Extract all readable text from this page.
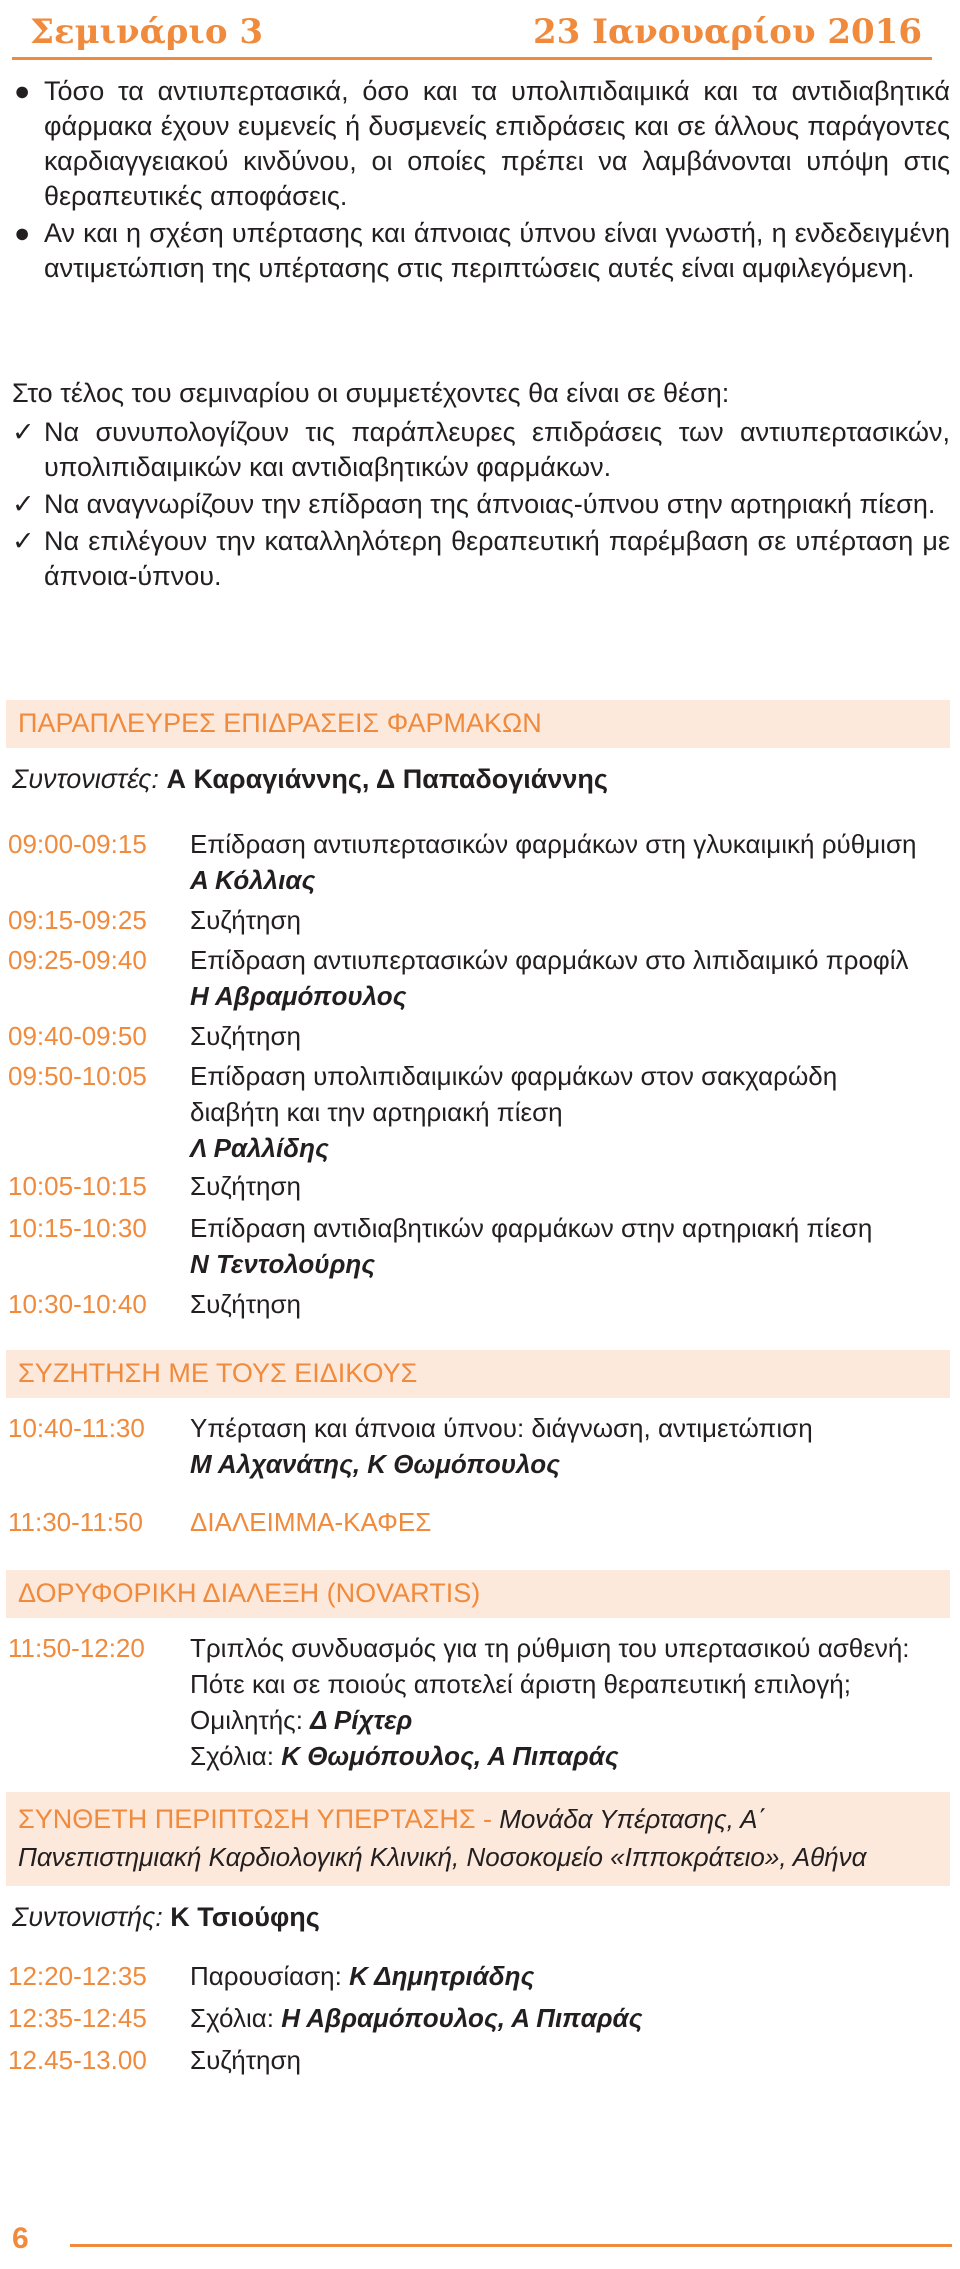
Σεμινάριο 3	23 Ιανουαρίου 2016
● Τόσο τα αντιυπερτασικά, όσο και τα υπολιπιδαιμικά και τα αντιδιαβητικά φάρμακα έχουν ευμενείς ή δυσμενείς επιδράσεις και σε άλλους παράγοντες καρδιαγγειακού κινδύνου, οι οποίες πρέπει να λαμβάνονται υπόψη στις θεραπευτικές αποφάσεις.
● Αν και η σχέση υπέρτασης και άπνοιας ύπνου είναι γνωστή, η ενδεδειγμένη αντιμετώπιση της υπέρτασης στις περιπτώσεις αυτές είναι αμφιλεγόμενη.
Στο τέλος του σεμιναρίου οι συμμετέχοντες θα είναι σε θέση:
✓ Να συνυπολογίζουν τις παράπλευρες επιδράσεις των αντιυπερτασικών, υπολιπιδαιμικών και αντιδιαβητικών φαρμάκων.
✓ Να αναγνωρίζουν την επίδραση της άπνοιας-ύπνου στην αρτηριακή πίεση.
✓ Να επιλέγουν την καταλληλότερη θεραπευτική παρέμβαση σε υπέρταση με άπνοια-ύπνου.
ΠΑΡΑΠΛΕΥΡΕΣ ΕΠΙΔΡΑΣΕΙΣ ΦΑΡΜΑΚΩΝ
Συντονιστές: Α Καραγιάννης, Δ Παπαδογιάννης
09:00-09:15 Επίδραση αντιυπερτασικών φαρμάκων στη γλυκαιμική ρύθμιση
Α Κόλλιας
09:15-09:25 Συζήτηση
09:25-09:40 Επίδραση αντιυπερτασικών φαρμάκων στο λιπιδαιμικό προφίλ
Η Αβραμόπουλος
09:40-09:50 Συζήτηση
09:50-10:05 Επίδραση υπολιπιδαιμικών φαρμάκων στον σακχαρώδη διαβήτη και την αρτηριακή πίεση
Λ Ραλλίδης
10:05-10:15 Συζήτηση
10:15-10:30 Επίδραση αντιδιαβητικών φαρμάκων στην αρτηριακή πίεση
Ν Τεντολούρης
10:30-10:40 Συζήτηση
ΣΥΖΗΤΗΣΗ ΜΕ ΤΟΥΣ ΕΙΔΙΚΟΥΣ
10:40-11:30 Υπέρταση και άπνοια ύπνου: διάγνωση, αντιμετώπιση
Μ Αλχανάτης, Κ Θωμόπουλος
11:30-11:50 ΔΙΑΛΕΙΜΜΑ-ΚΑΦΕΣ
ΔΟΡΥΦΟΡΙΚΗ ΔΙΑΛΕΞΗ (NOVARTIS)
11:50-12:20 Τριπλός συνδυασμός για τη ρύθμιση του υπερτασικού ασθενή:
Πότε και σε ποιούς αποτελεί άριστη θεραπευτική επιλογή;
Ομιλητής: Δ Ρίχτερ
Σχόλια: Κ Θωμόπουλος, Α Πιπαράς
ΣΥΝΘΕΤΗ ΠΕΡΙΠΤΩΣΗ ΥΠΕΡΤΑΣΗΣ - Μονάδα Υπέρτασης, Α΄ Πανεπιστημιακή Καρδιολογική Κλινική, Νοσοκομείο «Ιπποκράτειο», Αθήνα
Συντονιστής: Κ Τσιούφης
12:20-12:35 Παρουσίαση: Κ Δημητριάδης
12:35-12:45 Σχόλια: Η Αβραμόπουλος, Α Πιπαράς
12.45-13.00 Συζήτηση
6
